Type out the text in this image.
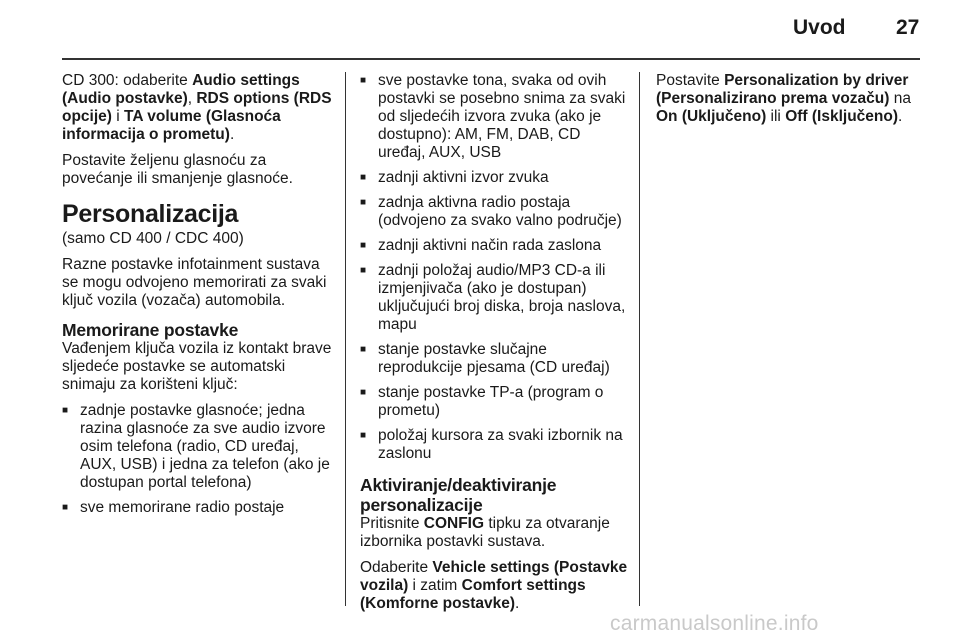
Uvod 27

CD 300: odaberite Audio settings (Audio postavke), RDS options (RDS opcije) i TA volume (Glasnoća informacija o prometu).

Postavite željenu glasnoću za povećanje ili smanjenje glasnoće.

Personalizacija

(samo CD 400 / CDC 400)

Razne postavke infotainment sustava se mogu odvojeno memorirati za svaki ključ vozila (vozača) automobila.

Memorirane postavke

Vađenjem ključa vozila iz kontakt brave sljedeće postavke se automatski snimaju za korišteni ključ:

■ zadnje postavke glasnoće; jedna razina glasnoće za sve audio izvore osim telefona (radio, CD uređaj, AUX, USB) i jedna za telefon (ako je dostupan portal telefona)
■ sve memorirane radio postaje
■ sve postavke tona, svaka od ovih postavki se posebno snima za svaki od sljedećih izvora zvuka (ako je dostupno): AM, FM, DAB, CD uređaj, AUX, USB
■ zadnji aktivni izvor zvuka
■ zadnja aktivna radio postaja (odvojeno za svako valno područje)
■ zadnji aktivni način rada zaslona
■ zadnji položaj audio/MP3 CD-a ili izmjenjivača (ako je dostupan) uključujući broj diska, broja naslova, mapu
■ stanje postavke slučajne reprodukcije pjesama (CD uređaj)
■ stanje postavke TP-a (program o prometu)
■ položaj kursora za svaki izbornik na zaslonu
Aktiviranje/deaktiviranje personalizacije

Pritisnite CONFIG tipku za otvaranje izbornika postavki sustava.

Odaberite Vehicle settings (Postavke vozila) i zatim Comfort settings (Komforne postavke).

Postavite Personalization by driver (Personalizirano prema vozaču) na On (Uključeno) ili Off (Isključeno).

carmanualsonline.info
